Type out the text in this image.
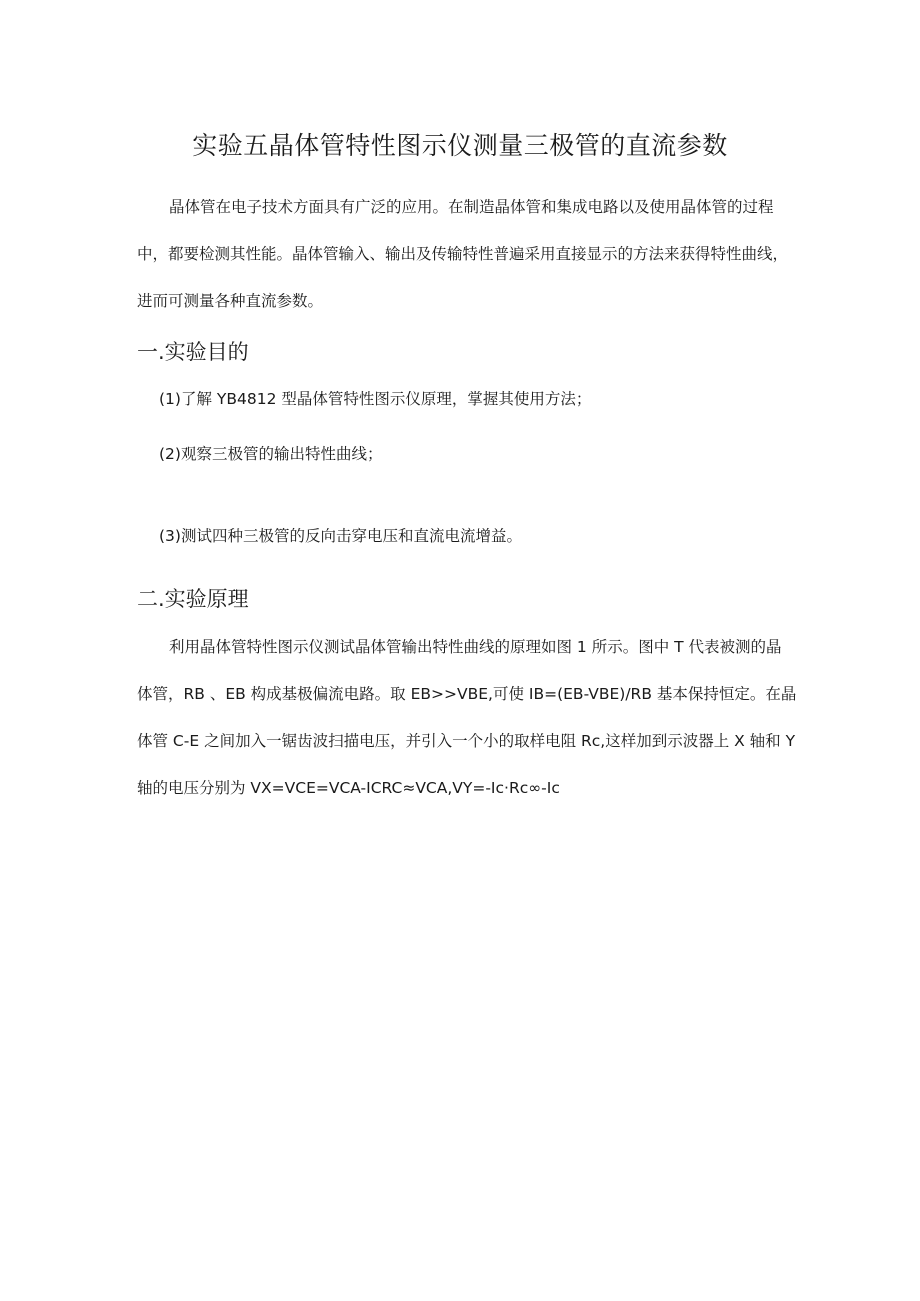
实验五晶体管特性图示仪测量三极管的直流参数

晶体管在电子技术方面具有广泛的应用。在制造晶体管和集成电路以及使用晶体管的过程中，都要检测其性能。晶体管输入、输出及传输特性普遍采用直接显示的方法来获得特性曲线，进而可测量各种直流参数。

一.实验目的

(1)了解 YB4812 型晶体管特性图示仪原理，掌握其使用方法；

(2)观察三极管的输出特性曲线；

(3)测试四种三极管的反向击穿电压和直流电流增益。

二.实验原理

利用晶体管特性图示仪测试晶体管输出特性曲线的原理如图 1 所示。图中 T 代表被测的晶体管，RB 、EB 构成基极偏流电路。取 EB>>VBE,可使 IB=(EB-VBE)/RB 基本保持恒定。在晶体管 C-E 之间加入一锯齿波扫描电压，并引入一个小的取样电阻 Rc,这样加到示波器上 X 轴和 Y 轴的电压分别为 VX=VCE=VCA-ICRC≈VCA,VY=-Ic·Rc∞-Ic
